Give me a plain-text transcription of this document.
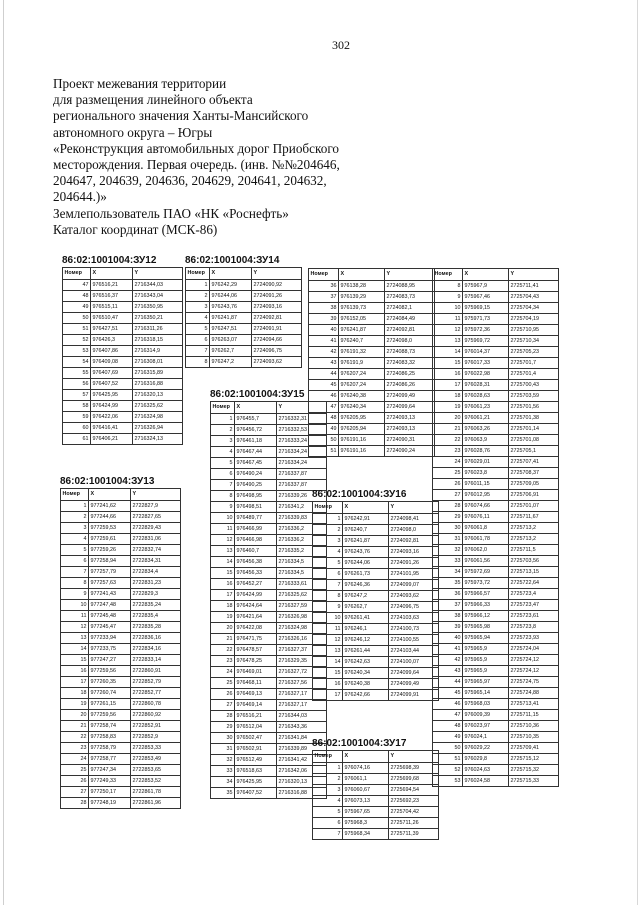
302
Проект межевания территории
для размещения линейного объекта
регионального значения Ханты-Мансийского
автономного округа – Югры
«Реконструкция автомобильных дорог Приобского
месторождения. Первая очередь. (инв. №№204646,
204647, 204639, 204636, 204629, 204641, 204632,
204644.)»
Землепользователь ПАО «НК «Роснефть»
Каталог координат (МСК-86)
86:02:1001004:ЗУ12
Номер	X	Y
47	976516,21	2716344,03
48	976516,37	2716343,04
49	976515,11	2716350,95
50	976510,47	2716350,21
51	976427,51	2716311,26
52	976426,3	2716318,15
53	976407,86	2716314,9
54	976409,08	2716308,01
55	976407,69	2716315,89
56	976407,52	2716316,88
57	976425,95	2716320,13
58	976424,99	2716325,62
59	976422,06	2716324,98
60	976416,41	2716326,94
61	976406,21	2716324,13
86:02:1001004:ЗУ13
Номер	X	Y
1	977241,62	2722827,9
2	977244,66	2722827,65
3	977259,53	2722829,43
4	977259,61	2722831,06
5	977259,26	2722832,74
6	977258,94	2722834,31
7	977257,79	2722834,4
8	977257,63	2722831,23
9	977241,43	2722829,3
10	977247,48	2722835,24
11	977245,48	2722835,4
12	977245,47	2722835,28
13	977233,94	2722836,16
14	977233,75	2722834,16
15	977247,27	2722833,14
16	977259,56	2722860,91
17	977260,35	2722852,79
18	977260,74	2722852,77
19	977261,15	2722860,78
20	977259,56	2722860,92
21	977258,74	2722852,91
22	977258,83	2722852,9
23	977258,79	2722853,33
24	977258,77	2722853,49
25	977247,34	2722853,65
26	977249,33	2722853,52
27	977250,17	2722861,78
28	977248,19	2722861,96
86:02:1001004:ЗУ14
Номер	X	Y
1	976242,29	2724090,92
2	976244,06	2724091,26
3	976243,76	2724093,16
4	976241,87	2724092,81
5	976247,51	2724091,91
6	976263,07	2724094,66
7	976262,7	2724096,75
8	976247,2	2724093,62
86:02:1001004:ЗУ15
Номер	X	Y
1	976455,7	2716332,31
2	976456,72	2716332,53
3	976461,18	2716333,24
4	976467,44	2716334,24
5	976467,45	2716334,24
6	976490,24	2716337,87
7	976490,25	2716337,87
8	976498,95	2716339,26
9	976498,51	2716341,2
10	976489,77	2716339,83
11	976466,99	2716336,2
12	976466,98	2716336,2
13	976460,7	2716335,2
14	976456,38	2716334,5
15	976456,33	2716334,5
16	976452,27	2716333,61
17	976424,99	2716325,62
18	976424,64	2716327,59
19	976421,64	2716326,98
20	976422,08	2716324,98
21	976471,75	2716326,16
22	976478,57	2716327,37
23	976478,25	2716329,35
24	976469,01	2716327,72
25	976468,11	2716327,56
26	976469,13	2716327,17
27	976469,14	2716327,17
28	976516,21	2716344,03
29	976512,04	2716343,36
30	976502,47	2716341,84
31	976502,91	2716339,89
32	976512,49	2716341,42
33	976518,63	2716342,06
34	976425,95	2716320,13
35	976407,52	2716316,88
Номер	X	Y
36	976138,28	2724088,95
37	976139,29	2724083,73
38	976139,73	2724082,1
39	976152,05	2724084,49
40	976241,87	2724092,81
41	976240,7	2724098,0
42	976191,32	2724088,73
43	976191,9	2724083,32
44	976207,24	2724086,25
45	976207,24	2724086,26
46	976240,38	2724099,49
47	976240,34	2724099,64
48	976205,95	2724093,13
49	976205,94	2724093,13
50	976191,16	2724090,31
51	976191,16	2724090,24
86:02:1001004:ЗУ16
Номер	X	Y
1	976242,91	2724098,41
2	976240,7	2724098,0
3	976241,87	2724092,81
4	976243,76	2724093,16
5	976244,06	2724091,26
6	976261,73	2724101,95
7	976246,36	2724099,07
8	976247,2	2724093,62
9	976262,7	2724096,75
10	976261,41	2724103,63
11	976246,1	2724100,73
12	976246,12	2724100,55
13	976261,44	2724103,44
14	976242,63	2724100,07
15	976240,34	2724099,64
16	976240,38	2724099,49
17	976242,66	2724099,91
86:02:1001004:ЗУ17
Номер	X	Y
1	976074,16	2725698,39
2	976061,1	2725699,68
3	976060,67	2725694,54
4	976073,13	2725692,23
5	975967,65	2725704,42
6	975968,3	2725711,26
7	975968,34	2725711,39
Номер	X	Y
8	975967,9	2725711,41
9	975967,46	2725704,43
10	975969,15	2725704,34
11	975971,73	2725704,19
12	975972,36	2725710,95
13	975969,72	2725710,34
14	976014,37	2725705,23
15	976017,33	2725701,7
16	976022,98	2725701,4
17	976028,31	2725700,43
18	976028,63	2725703,59
19	976061,23	2725701,56
20	976061,21	2725701,38
21	976063,26	2725701,14
22	976063,9	2725701,08
23	976028,76	2725705,1
24	976029,01	2725707,41
25	976023,8	2725708,37
26	976011,15	2725709,05
27	976012,95	2725706,91
28	976074,66	2725701,07
29	976076,11	2725711,67
30	976061,8	2725713,2
31	976061,78	2725713,2
32	976062,0	2725711,5
33	976061,56	2725703,56
34	975972,69	2725713,15
35	975973,72	2725722,64
36	975966,57	2725723,4
37	975966,33	2725723,47
38	975966,12	2725723,61
39	975965,98	2725723,8
40	975965,94	2725723,93
41	975965,9	2725724,04
42	975965,9	2725724,12
43	975965,9	2725724,12
44	975965,97	2725724,75
45	975965,14	2725724,88
46	975968,03	2725713,41
47	976009,39	2725711,15
48	976023,97	2725710,36
49	976024,1	2725710,35
50	976029,22	2725709,41
51	976029,8	2725715,12
52	976024,63	2725715,32
53	976024,58	2725715,33
